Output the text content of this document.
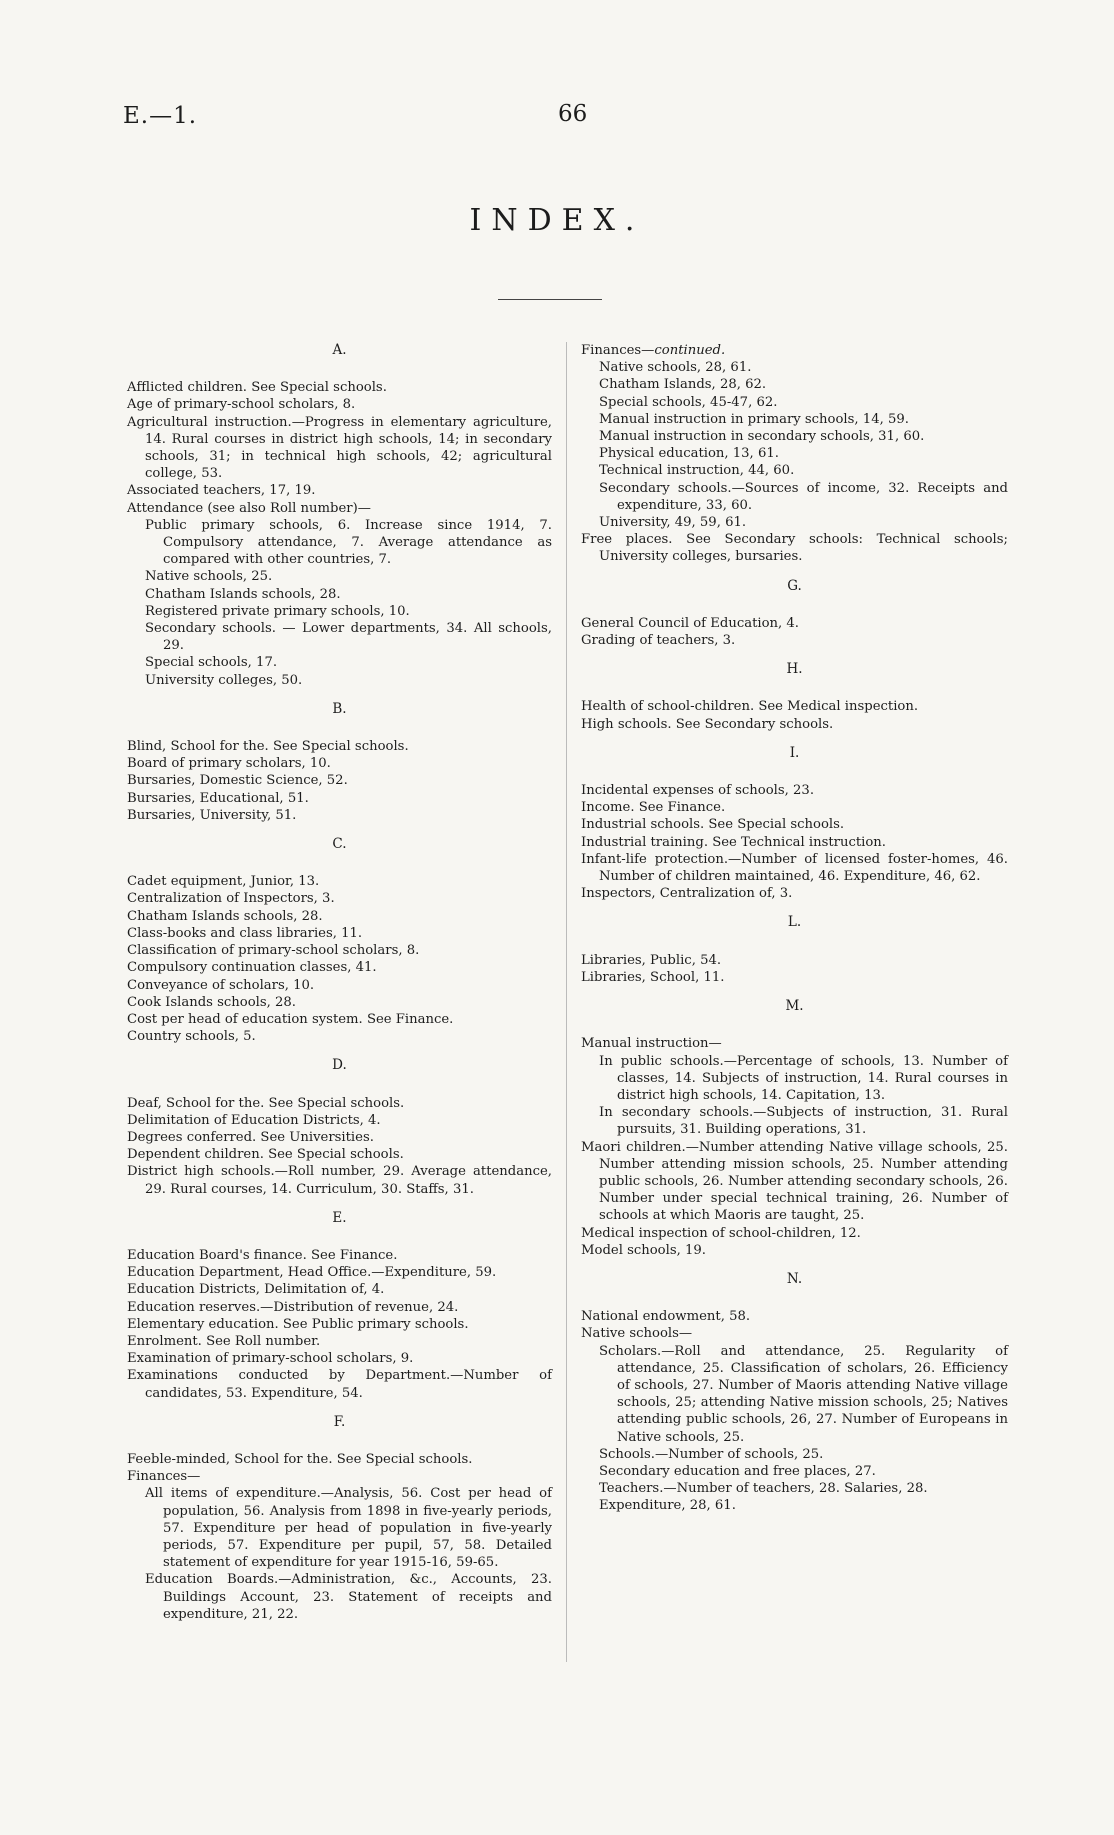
E.—1.	66
INDEX.
A.
Afflicted children. See Special schools.
Age of primary-school scholars, 8.
Agricultural instruction.—Progress in elementary agriculture, 14. Rural courses in district high schools, 14; in secondary schools, 31; in technical high schools, 42; agricultural college, 53.
Associated teachers, 17, 19.
Attendance (see also Roll number)—
Public primary schools, 6. Increase since 1914, 7. Compulsory attendance, 7. Average attendance as compared with other countries, 7.
Native schools, 25.
Chatham Islands schools, 28.
Registered private primary schools, 10.
Secondary schools. — Lower departments, 34. All schools, 29.
Special schools, 17.
University colleges, 50.
B.
Blind, School for the. See Special schools.
Board of primary scholars, 10.
Bursaries, Domestic Science, 52.
Bursaries, Educational, 51.
Bursaries, University, 51.
C.
Cadet equipment, Junior, 13.
Centralization of Inspectors, 3.
Chatham Islands schools, 28.
Class-books and class libraries, 11.
Classification of primary-school scholars, 8.
Compulsory continuation classes, 41.
Conveyance of scholars, 10.
Cook Islands schools, 28.
Cost per head of education system. See Finance.
Country schools, 5.
D.
Deaf, School for the. See Special schools.
Delimitation of Education Districts, 4.
Degrees conferred. See Universities.
Dependent children. See Special schools.
District high schools.—Roll number, 29. Average attendance, 29. Rural courses, 14. Curriculum, 30. Staffs, 31.
E.
Education Board's finance. See Finance.
Education Department, Head Office.—Expenditure, 59.
Education Districts, Delimitation of, 4.
Education reserves.—Distribution of revenue, 24.
Elementary education. See Public primary schools.
Enrolment. See Roll number.
Examination of primary-school scholars, 9.
Examinations conducted by Department.—Number of candidates, 53. Expenditure, 54.
F.
Feeble-minded, School for the. See Special schools.
Finances—
All items of expenditure.—Analysis, 56. Cost per head of population, 56. Analysis from 1898 in five-yearly periods, 57. Expenditure per head of population in five-yearly periods, 57. Expenditure per pupil, 57, 58. Detailed statement of expenditure for year 1915-16, 59-65.
Education Boards.—Administration, &c., Accounts, 23. Buildings Account, 23. Statement of receipts and expenditure, 21, 22.
Finances—continued.
Native schools, 28, 61.
Chatham Islands, 28, 62.
Special schools, 45-47, 62.
Manual instruction in primary schools, 14, 59.
Manual instruction in secondary schools, 31, 60.
Physical education, 13, 61.
Technical instruction, 44, 60.
Secondary schools.—Sources of income, 32. Receipts and expenditure, 33, 60.
University, 49, 59, 61.
Free places. See Secondary schools: Technical schools; University colleges, bursaries.
G.
General Council of Education, 4.
Grading of teachers, 3.
H.
Health of school-children. See Medical inspection.
High schools. See Secondary schools.
I.
Incidental expenses of schools, 23.
Income. See Finance.
Industrial schools. See Special schools.
Industrial training. See Technical instruction.
Infant-life protection.—Number of licensed foster-homes, 46. Number of children maintained, 46. Expenditure, 46, 62.
Inspectors, Centralization of, 3.
L.
Libraries, Public, 54.
Libraries, School, 11.
M.
Manual instruction—
In public schools.—Percentage of schools, 13. Number of classes, 14. Subjects of instruction, 14. Rural courses in district high schools, 14. Capitation, 13.
In secondary schools.—Subjects of instruction, 31. Rural pursuits, 31. Building operations, 31.
Maori children.—Number attending Native village schools, 25. Number attending mission schools, 25. Number attending public schools, 26. Number attending secondary schools, 26. Number under special technical training, 26. Number of schools at which Maoris are taught, 25.
Medical inspection of school-children, 12.
Model schools, 19.
N.
National endowment, 58.
Native schools—
Scholars.—Roll and attendance, 25. Regularity of attendance, 25. Classification of scholars, 26. Efficiency of schools, 27. Number of Maoris attending Native village schools, 25; attending Native mission schools, 25; Natives attending public schools, 26, 27. Number of Europeans in Native schools, 25.
Schools.—Number of schools, 25.
Secondary education and free places, 27.
Teachers.—Number of teachers, 28. Salaries, 28.
Expenditure, 28, 61.
